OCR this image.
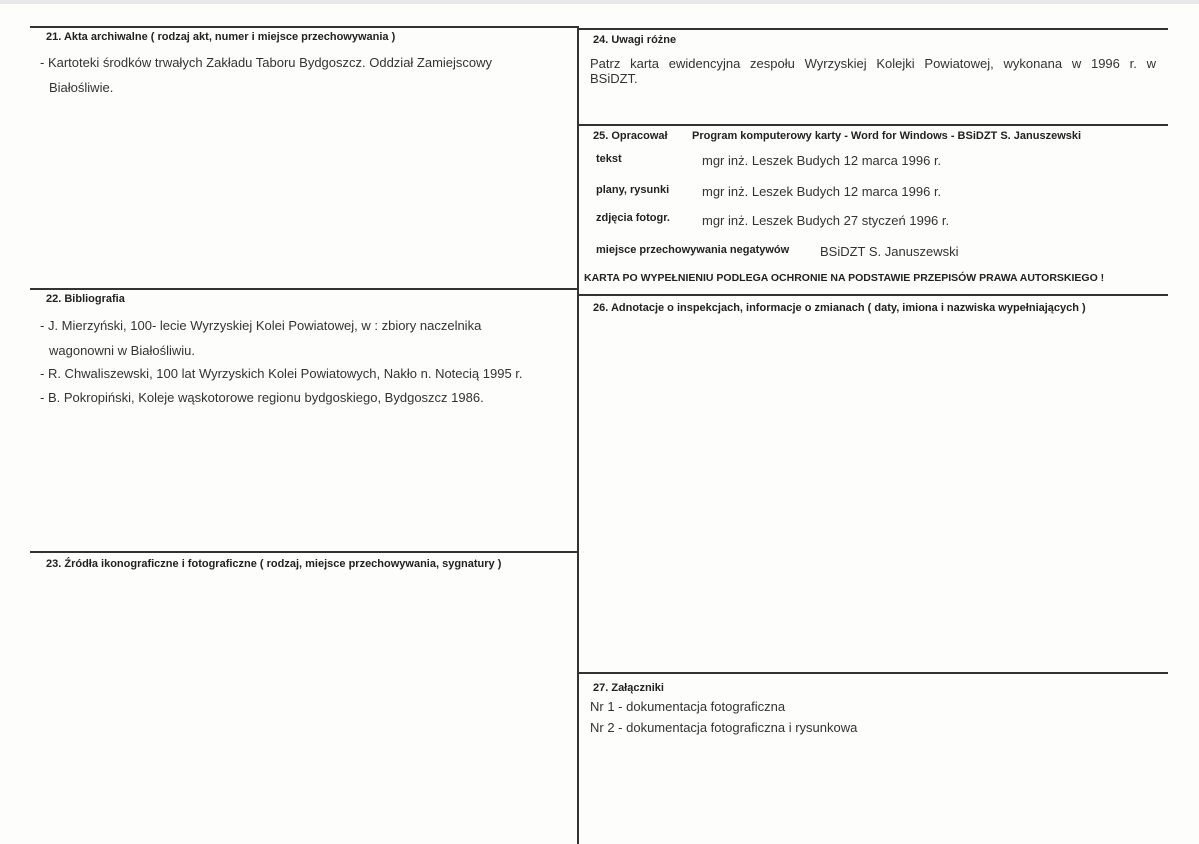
21. Akta archiwalne ( rodzaj akt, numer i miejsce przechowywania )
- Kartoteki środków trwałych Zakładu Taboru Bydgoszcz. Oddział Zamiejscowy
Białośliwie.
22. Bibliografia
- J. Mierzyński, 100- lecie Wyrzyskiej Kolei Powiatowej, w : zbiory naczelnika
wagonowni w Białośliwiu.
- R. Chwaliszewski, 100 lat Wyrzyskich Kolei Powiatowych, Nakło n. Notecią 1995 r.
- B. Pokropiński, Koleje wąskotorowe regionu bydgoskiego, Bydgoszcz 1986.
23. Źródła ikonograficzne i fotograficzne ( rodzaj, miejsce przechowywania, sygnatury )
24. Uwagi różne
Patrz karta ewidencyjna zespołu Wyrzyskiej Kolejki Powiatowej, wykonana w 1996 r. w
BSiDZT.
25. Opracował Program komputerowy karty - Word for Windows - BSiDZT S. Januszewski
tekst	mgr inż. Leszek Budych 12 marca 1996 r.
plany, rysunki	mgr inż. Leszek Budych 12 marca 1996 r.
zdjęcia fotogr. mgr inż. Leszek Budych 27 styczeń 1996 r.
miejsce przechowywania negatywów BSiDZT S. Januszewski
KARTA PO WYPEŁNIENIU PODLEGA OCHRONIE NA PODSTAWIE PRZEPISÓW PRAWA AUTORSKIEGO !
26. Adnotacje o inspekcjach, informacje o zmianach ( daty, imiona i nazwiska wypełniających )
27. Załączniki
Nr 1 - dokumentacja fotograficzna
Nr 2 - dokumentacja fotograficzna i rysunkowa
